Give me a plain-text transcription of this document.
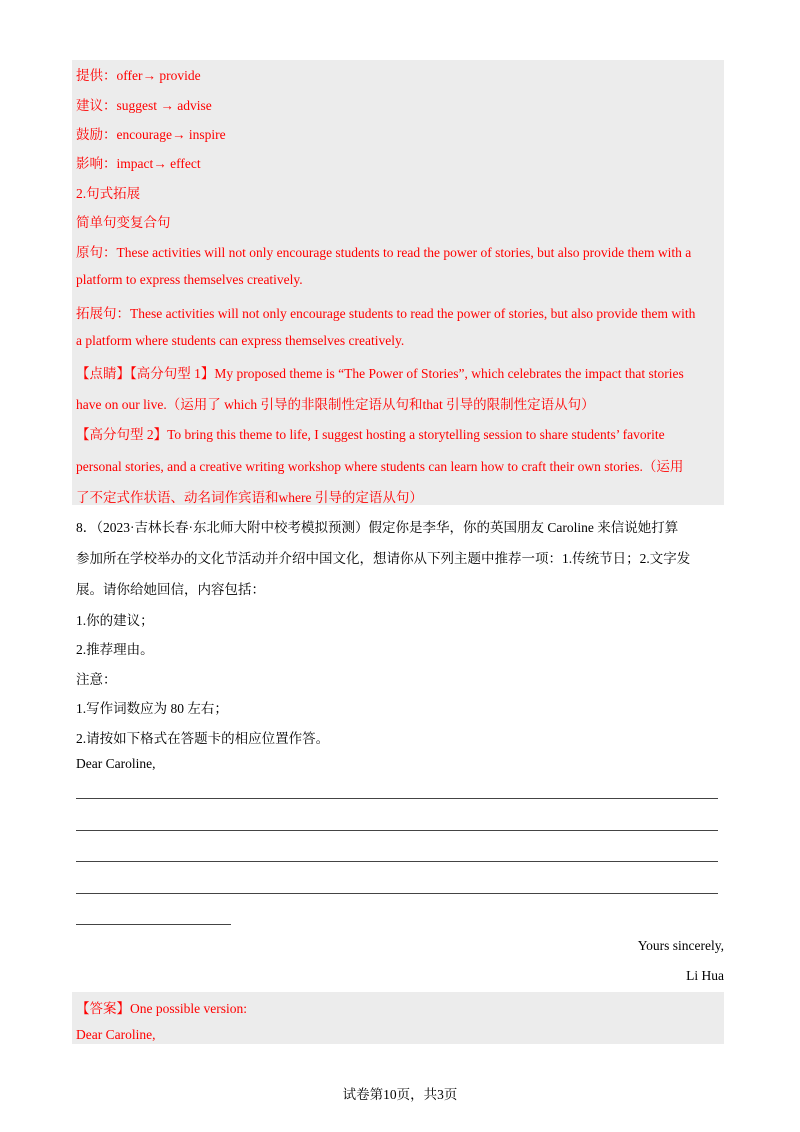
提供：offer→ provide
建议：suggest → advise
鼓励：encourage→ inspire
影响：impact→ effect
2.句式拓展
简单句变复合句
原句：These activities will not only encourage students to read the power of stories, but also provide them with a
platform to express themselves creatively.
拓展句：These activities will not only encourage students to read the power of stories, but also provide them with
a platform where students can express themselves creatively.
【点睛】【高分句型 1】My proposed theme is “The Power of Stories”, which celebrates the impact that stories
have on our live.（运用了 which 引导的非限制性定语从句和that 引导的限制性定语从句）
【高分句型 2】To bring this theme to life, I suggest hosting a storytelling session to share students’ favorite
personal stories, and a creative writing workshop where students can learn how to craft their own stories.（运用
了不定式作状语、动名词作宾语和where 引导的定语从句）
8．（2023·吉林长春·东北师大附中校考模拟预测）假定你是李华，你的英国朋友 Caroline 来信说她打算
参加所在学校举办的文化节活动并介绍中国文化，想请你从下列主题中推荐一项：1.传统节日；2.文字发
展。请你给她回信，内容包括：
1.你的建议；
2.推荐理由。
注意：
1.写作词数应为 80 左右；
2.请按如下格式在答题卡的相应位置作答。
Dear Caroline,
Yours sincerely,
Li Hua
【答案】One possible version:
Dear Caroline,
试卷第10页，共3页
